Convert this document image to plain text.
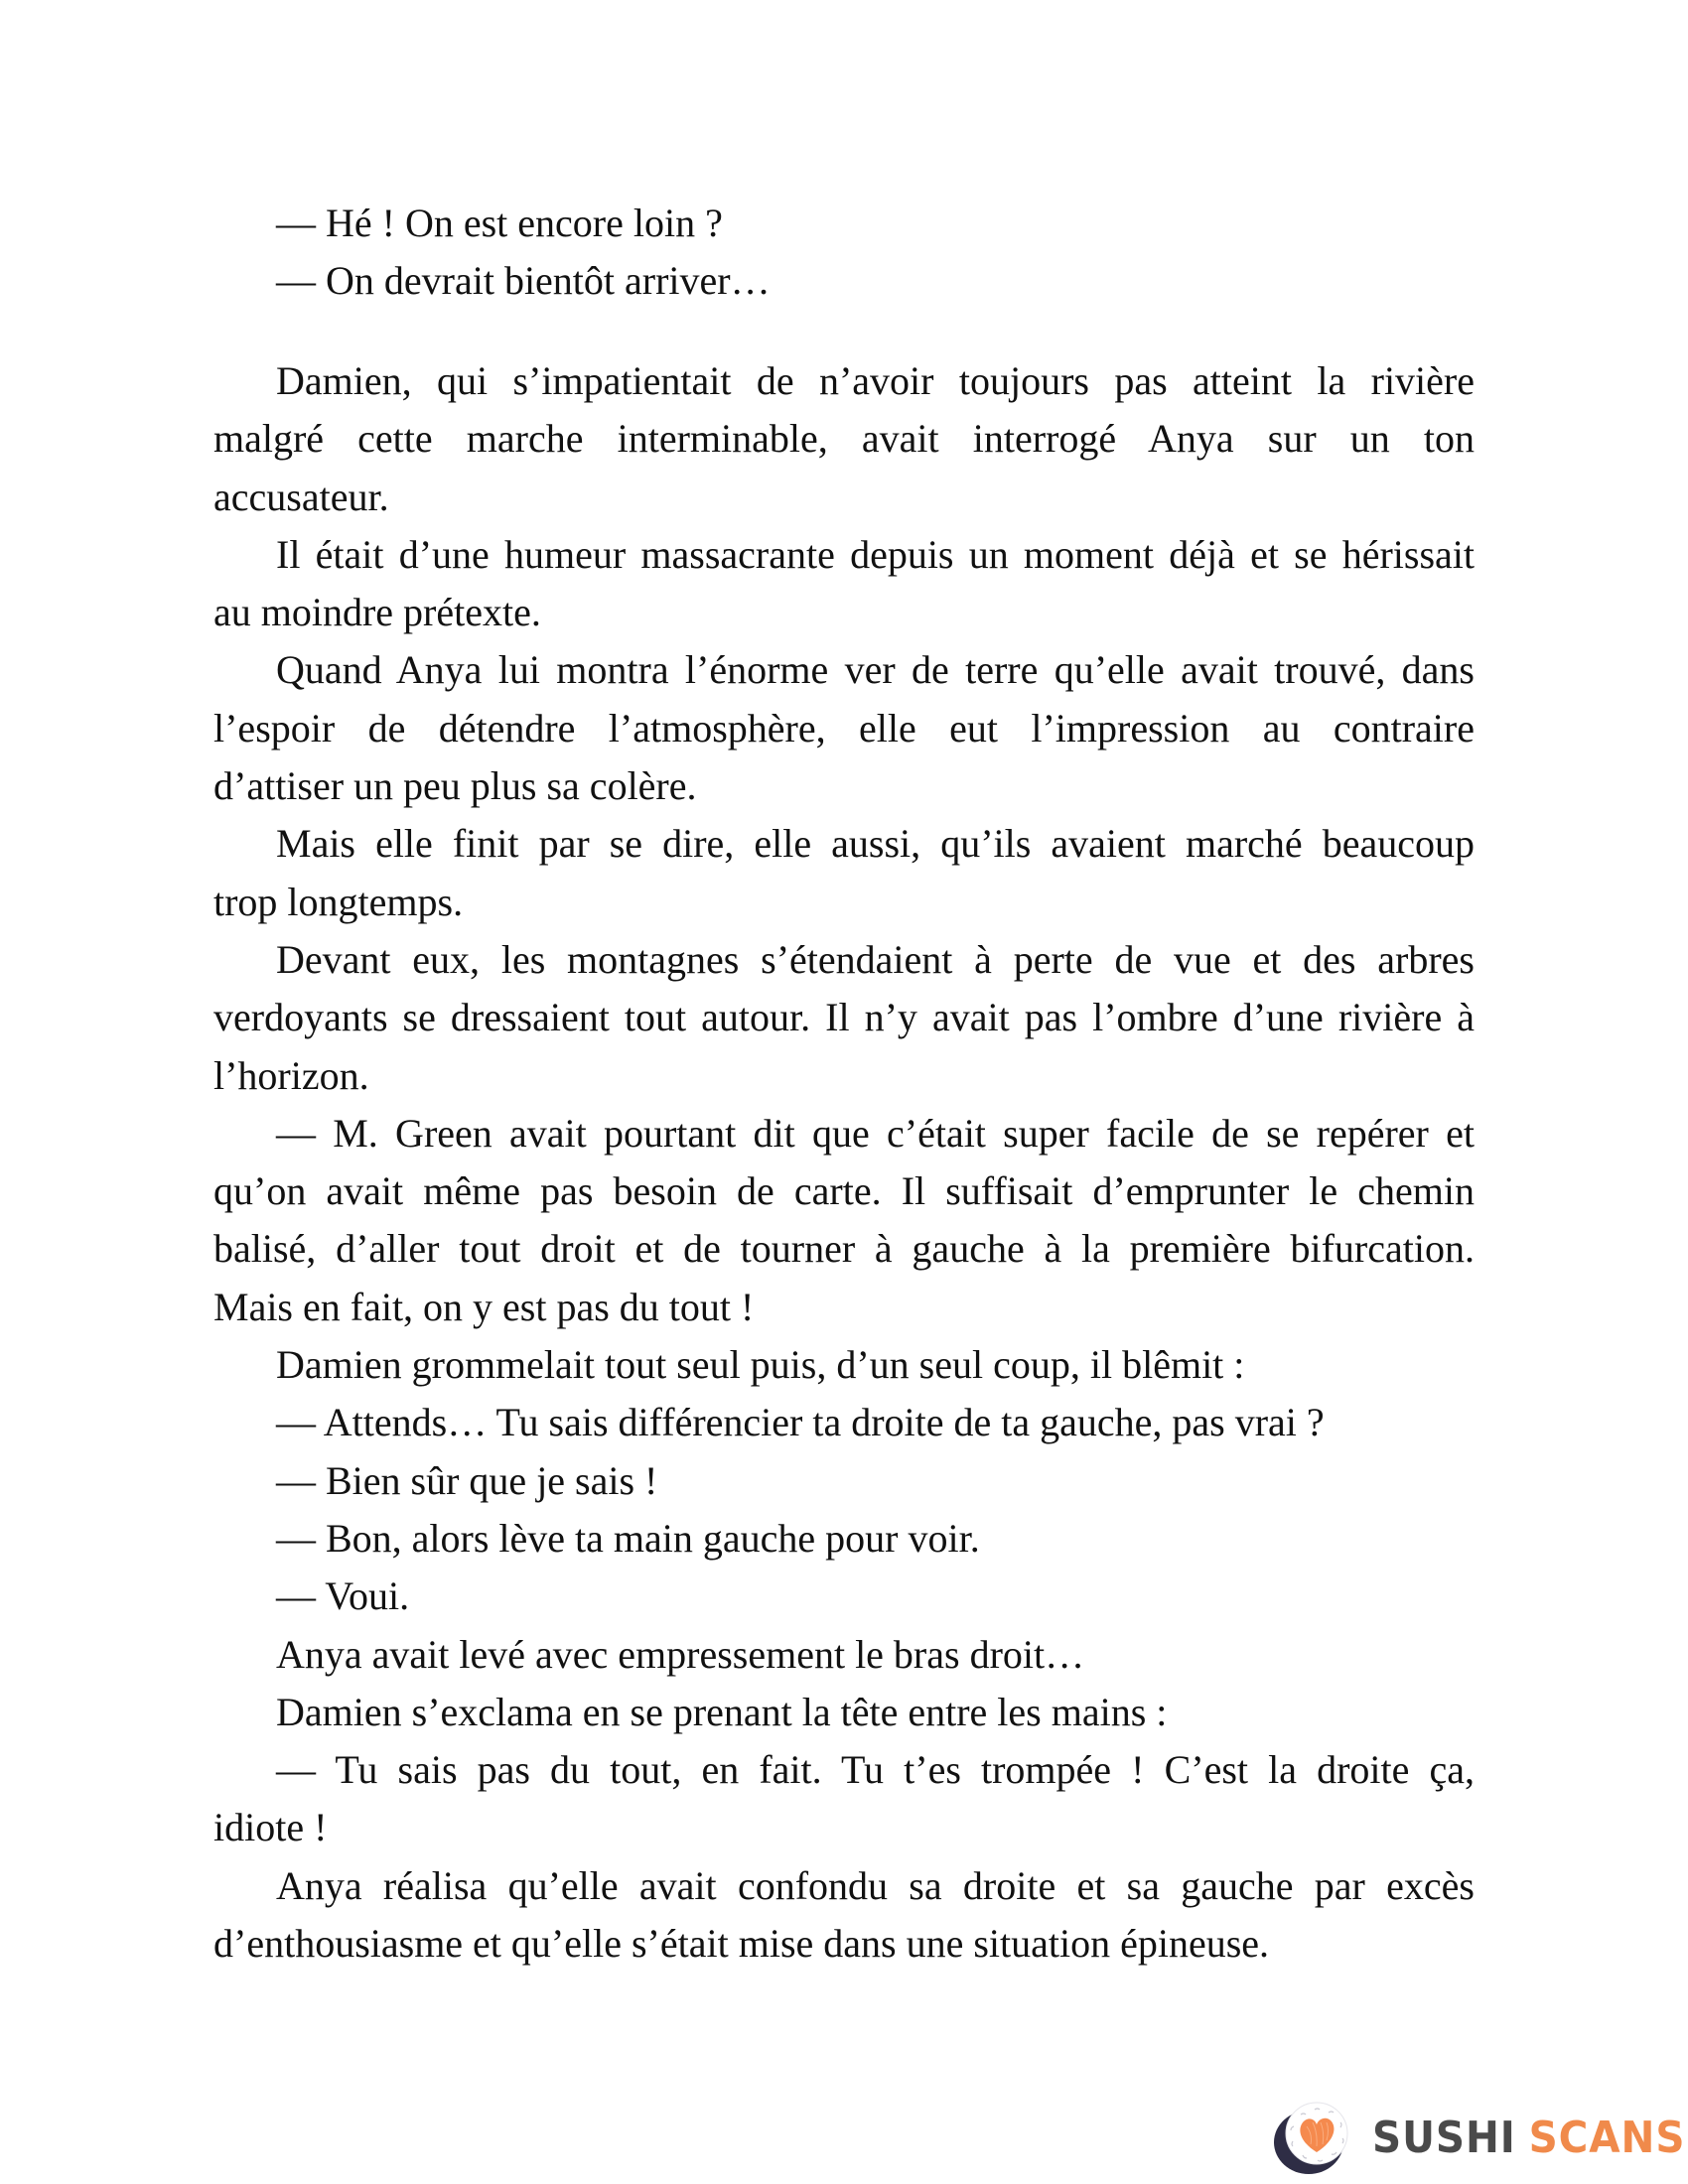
— Hé ! On est encore loin ?
— On devrait bientôt arriver…
Damien, qui s’impatientait de n’avoir toujours pas atteint la rivière
malgré cette marche interminable, avait interrogé Anya sur un ton
accusateur.
Il était d’une humeur massacrante depuis un moment déjà et se hérissait
au moindre prétexte.
Quand Anya lui montra l’énorme ver de terre qu’elle avait trouvé, dans
l’espoir de détendre l’atmosphère, elle eut l’impression au contraire
d’attiser un peu plus sa colère.
Mais elle finit par se dire, elle aussi, qu’ils avaient marché beaucoup
trop longtemps.
Devant eux, les montagnes s’étendaient à perte de vue et des arbres
verdoyants se dressaient tout autour. Il n’y avait pas l’ombre d’une rivière à
l’horizon.
— M. Green avait pourtant dit que c’était super facile de se repérer et
qu’on avait même pas besoin de carte. Il suffisait d’emprunter le chemin
balisé, d’aller tout droit et de tourner à gauche à la première bifurcation.
Mais en fait, on y est pas du tout !
Damien grommelait tout seul puis, d’un seul coup, il blêmit :
— Attends… Tu sais différencier ta droite de ta gauche, pas vrai ?
— Bien sûr que je sais !
— Bon, alors lève ta main gauche pour voir.
— Voui.
Anya avait levé avec empressement le bras droit…
Damien s’exclama en se prenant la tête entre les mains :
— Tu sais pas du tout, en fait. Tu t’es trompée ! C’est la droite ça,
idiote !
Anya réalisa qu’elle avait confondu sa droite et sa gauche par excès
d’enthousiasme et qu’elle s’était mise dans une situation épineuse.
SUSHI SCANS
